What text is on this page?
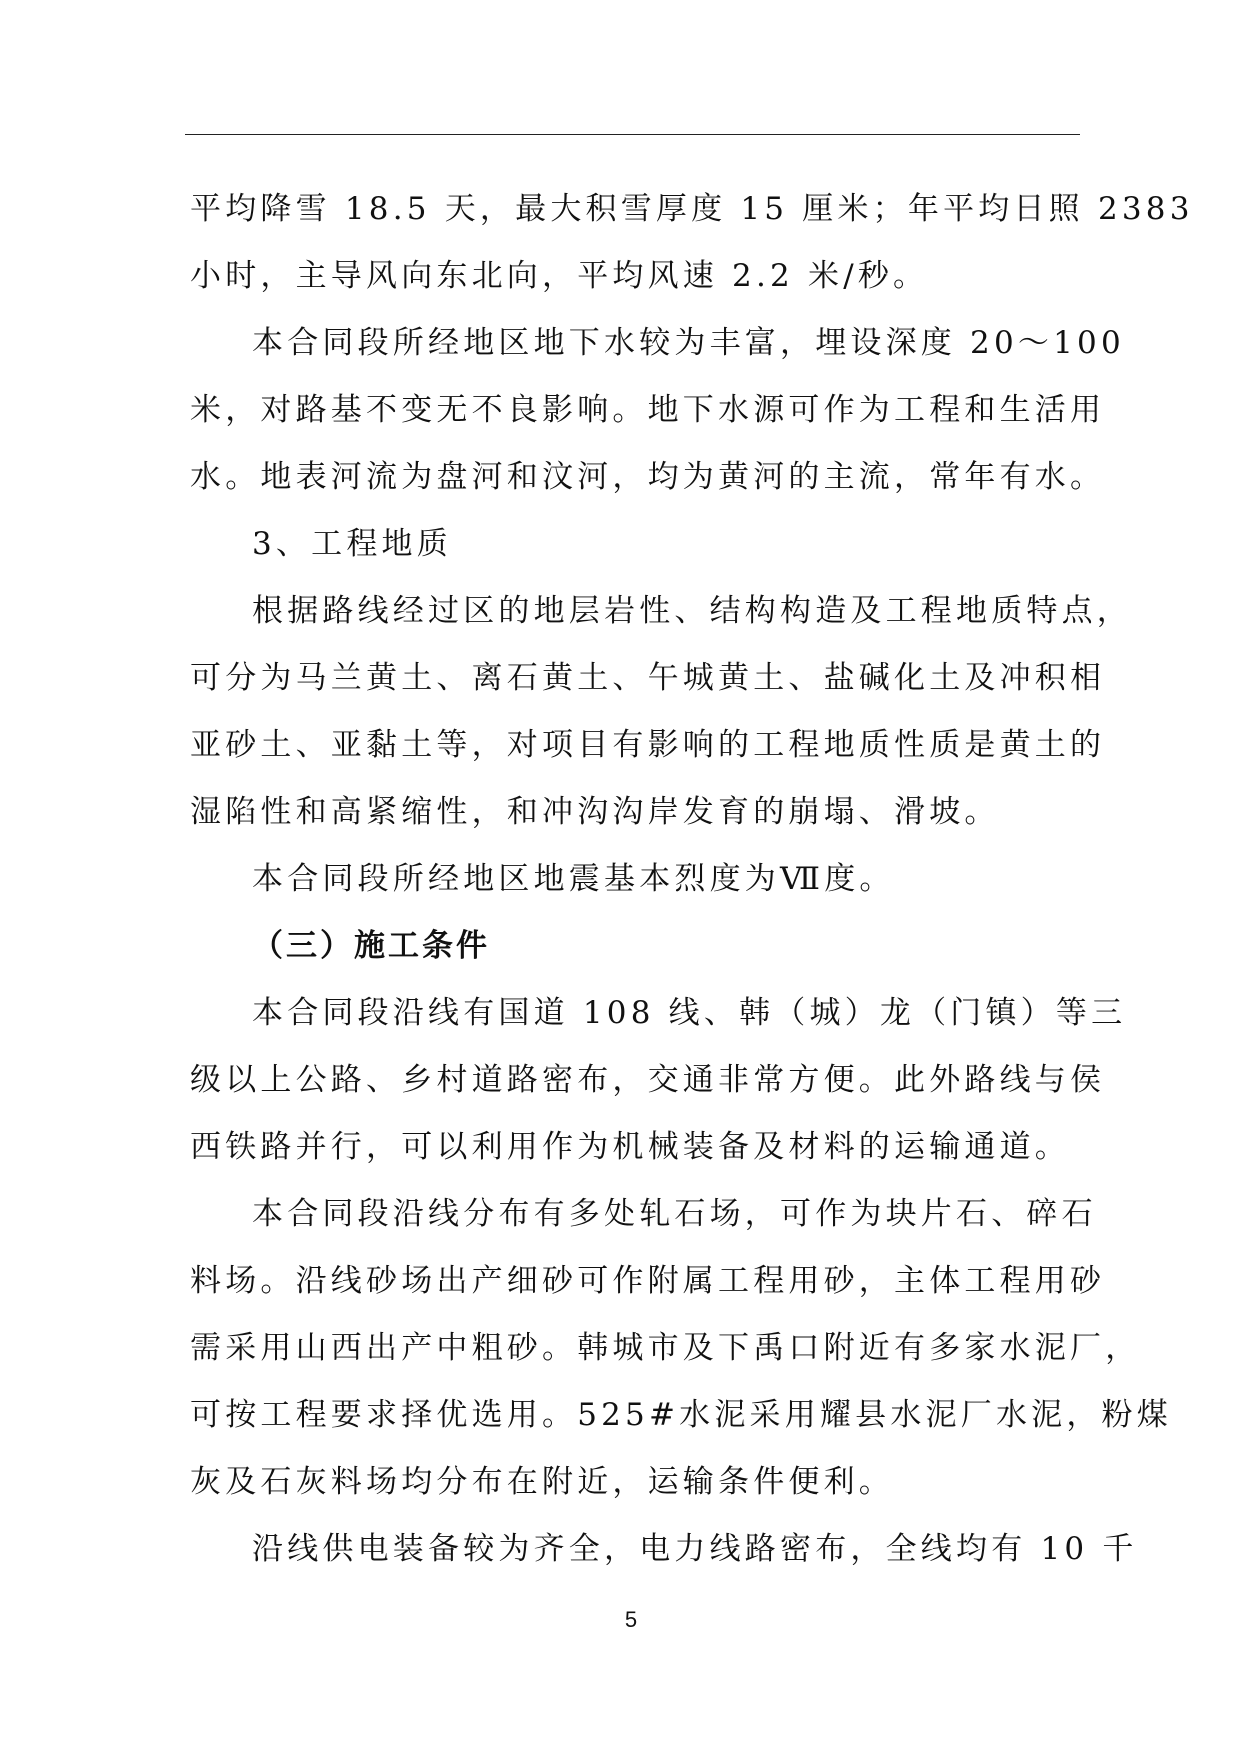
平均降雪 18.5 天，最大积雪厚度 15 厘米；年平均日照 2383
小时，主导风向东北向，平均风速 2.2 米/秒。
本合同段所经地区地下水较为丰富，埋设深度 20～100
米，对路基不变无不良影响。地下水源可作为工程和生活用
水。地表河流为盘河和汶河，均为黄河的主流，常年有水。
3、工程地质
根据路线经过区的地层岩性、结构构造及工程地质特点，
可分为马兰黄土、离石黄土、午城黄土、盐碱化土及冲积相
亚砂土、亚黏土等，对项目有影响的工程地质性质是黄土的
湿陷性和高紧缩性，和冲沟沟岸发育的崩塌、滑坡。
本合同段所经地区地震基本烈度为Ⅶ度。
（三）施工条件
本合同段沿线有国道 108 线、韩（城）龙（门镇）等三
级以上公路、乡村道路密布，交通非常方便。此外路线与侯
西铁路并行，可以利用作为机械装备及材料的运输通道。
本合同段沿线分布有多处轧石场，可作为块片石、碎石
料场。沿线砂场出产细砂可作附属工程用砂，主体工程用砂
需采用山西出产中粗砂。韩城市及下禹口附近有多家水泥厂，
可按工程要求择优选用。525#水泥采用耀县水泥厂水泥，粉煤
灰及石灰料场均分布在附近，运输条件便利。
沿线供电装备较为齐全，电力线路密布，全线均有 10 千
5
